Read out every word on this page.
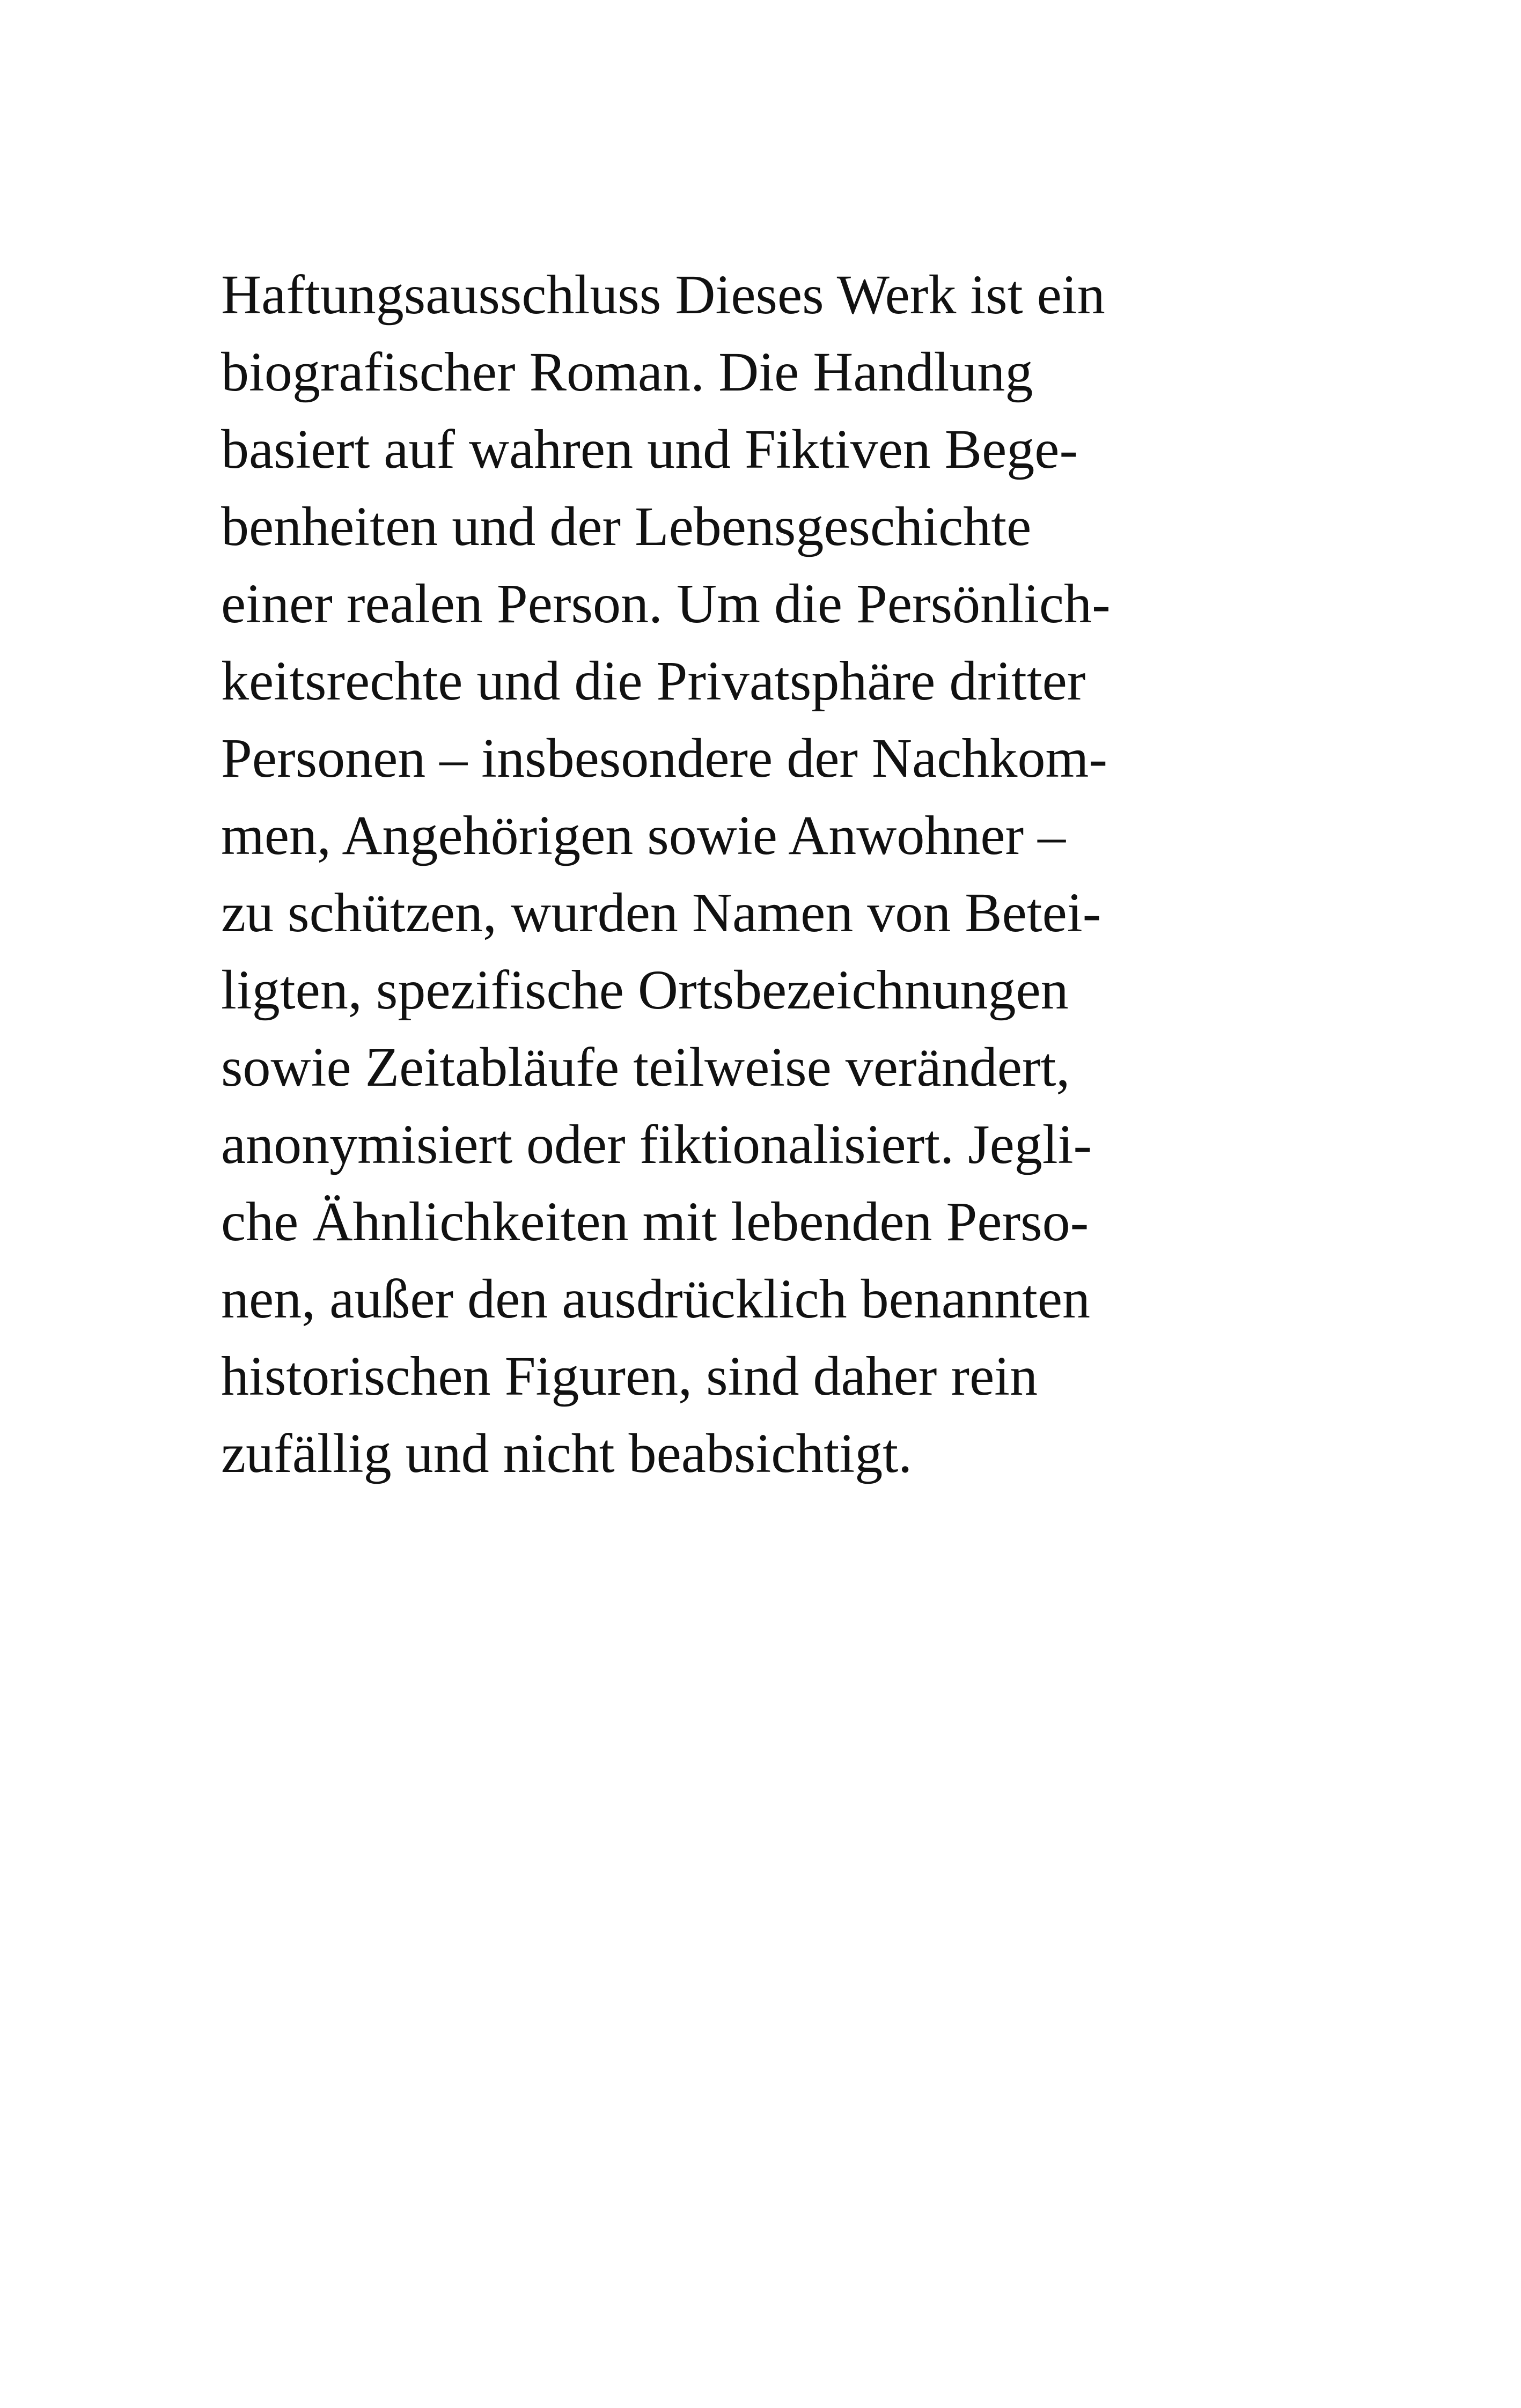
Haftungsausschluss Dieses Werk ist ein
biografischer Roman. Die Handlung
basiert auf wahren und Fiktiven Bege-
benheiten und der Lebensgeschichte
einer realen Person. Um die Persönlich-
keitsrechte und die Privatsphäre dritter
Personen – insbesondere der Nachkom-
men, Angehörigen sowie Anwohner –
zu schützen, wurden Namen von Betei-
ligten, spezifische Ortsbezeichnungen
sowie Zeitabläufe teilweise verändert,
anonymisiert oder fiktionalisiert. Jegli-
che Ähnlichkeiten mit lebenden Perso-
nen, außer den ausdrücklich benannten
historischen Figuren, sind daher rein
zufällig und nicht beabsichtigt.
